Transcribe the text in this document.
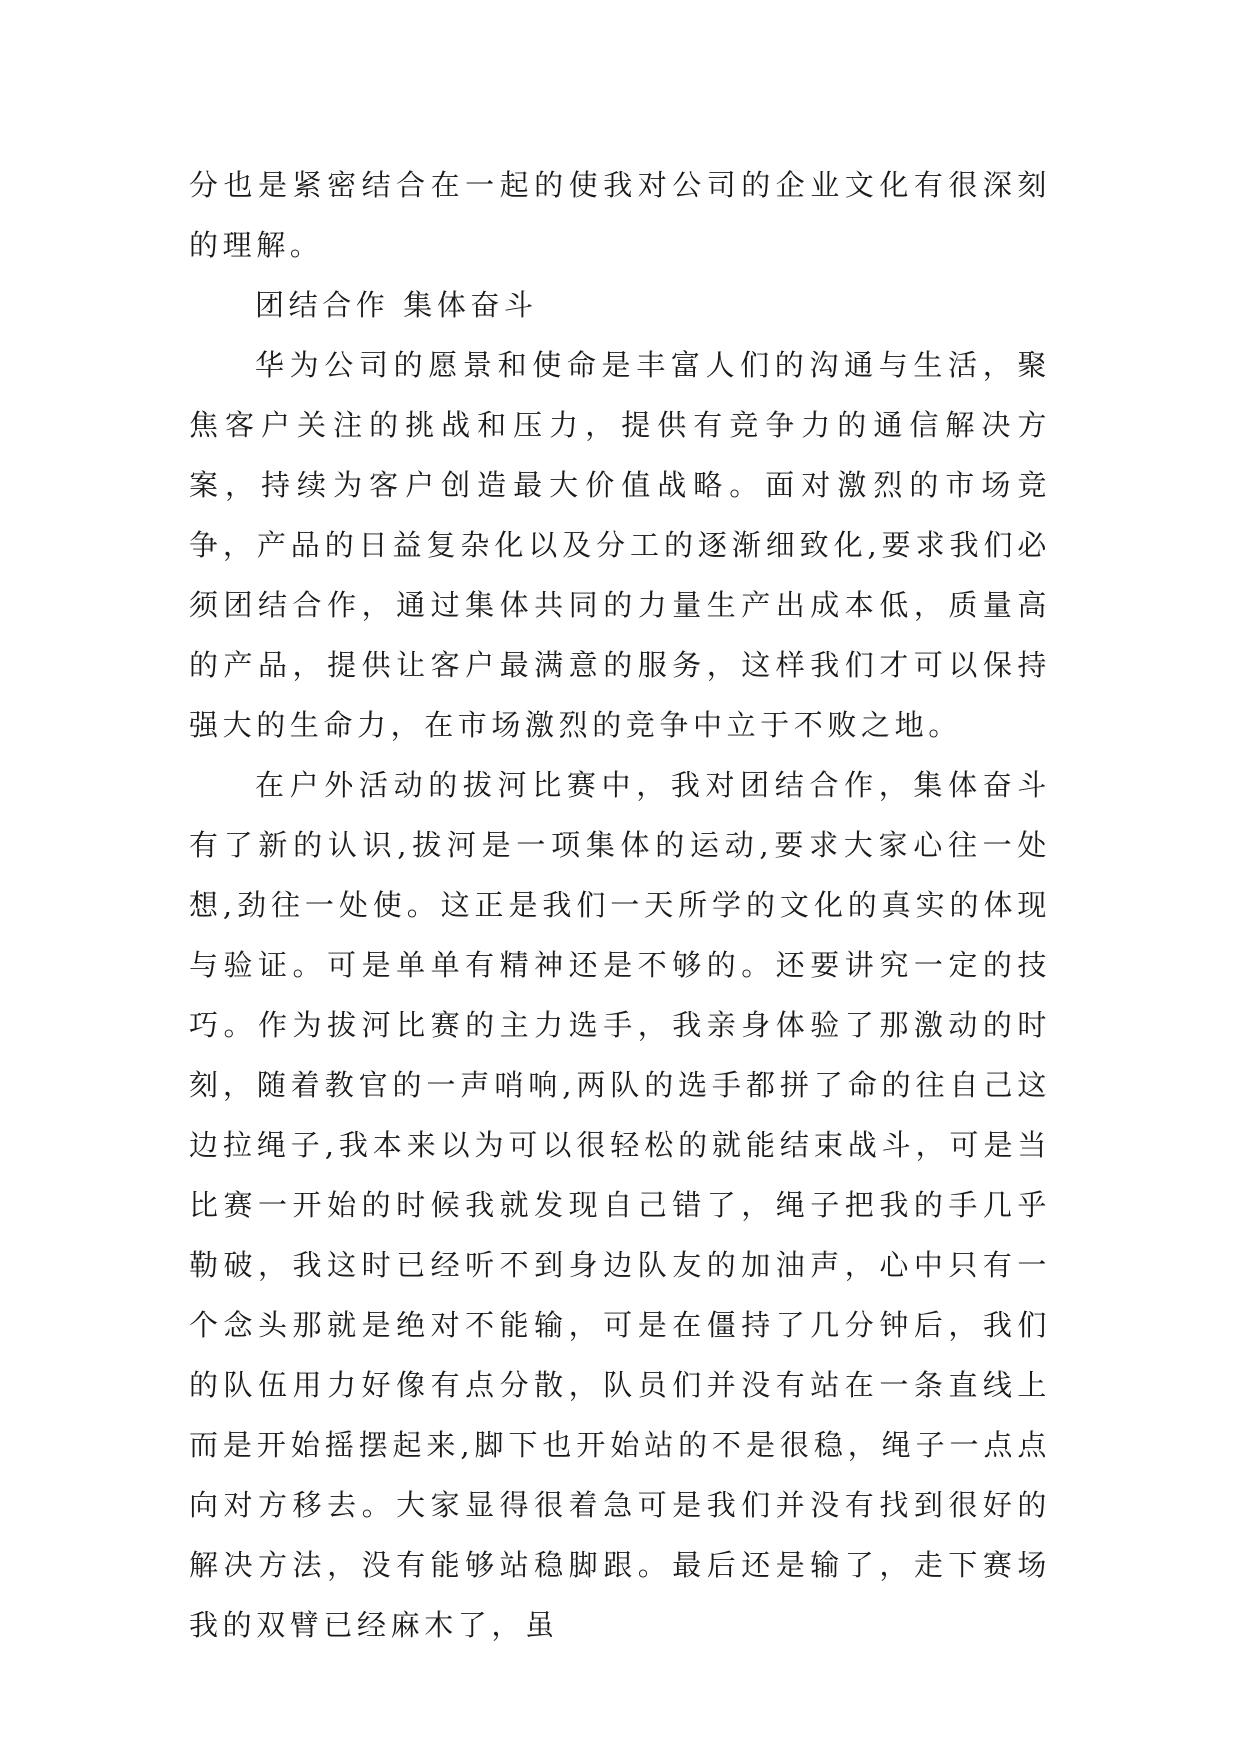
分也是紧密结合在一起的使我对公司的企业文化有很深刻的理解。

团结合作 集体奋斗

华为公司的愿景和使命是丰富人们的沟通与生活，聚焦客户关注的挑战和压力，提供有竞争力的通信解决方案，持续为客户创造最大价值战略。面对激烈的市场竞争，产品的日益复杂化以及分工的逐渐细致化,要求我们必须团结合作，通过集体共同的力量生产出成本低，质量高的产品，提供让客户最满意的服务，这样我们才可以保持强大的生命力，在市场激烈的竞争中立于不败之地。

在户外活动的拔河比赛中，我对团结合作，集体奋斗有了新的认识,拔河是一项集体的运动,要求大家心往一处想,劲往一处使。这正是我们一天所学的文化的真实的体现与验证。可是单单有精神还是不够的。还要讲究一定的技巧。作为拔河比赛的主力选手，我亲身体验了那激动的时刻，随着教官的一声哨响,两队的选手都拼了命的往自己这边拉绳子,我本来以为可以很轻松的就能结束战斗，可是当比赛一开始的时候我就发现自己错了，绳子把我的手几乎勒破，我这时已经听不到身边队友的加油声，心中只有一个念头那就是绝对不能输，可是在僵持了几分钟后，我们的队伍用力好像有点分散，队员们并没有站在一条直线上而是开始摇摆起来,脚下也开始站的不是很稳，绳子一点点向对方移去。大家显得很着急可是我们并没有找到很好的解决方法，没有能够站稳脚跟。最后还是输了，走下赛场我的双臂已经麻木了，虽
